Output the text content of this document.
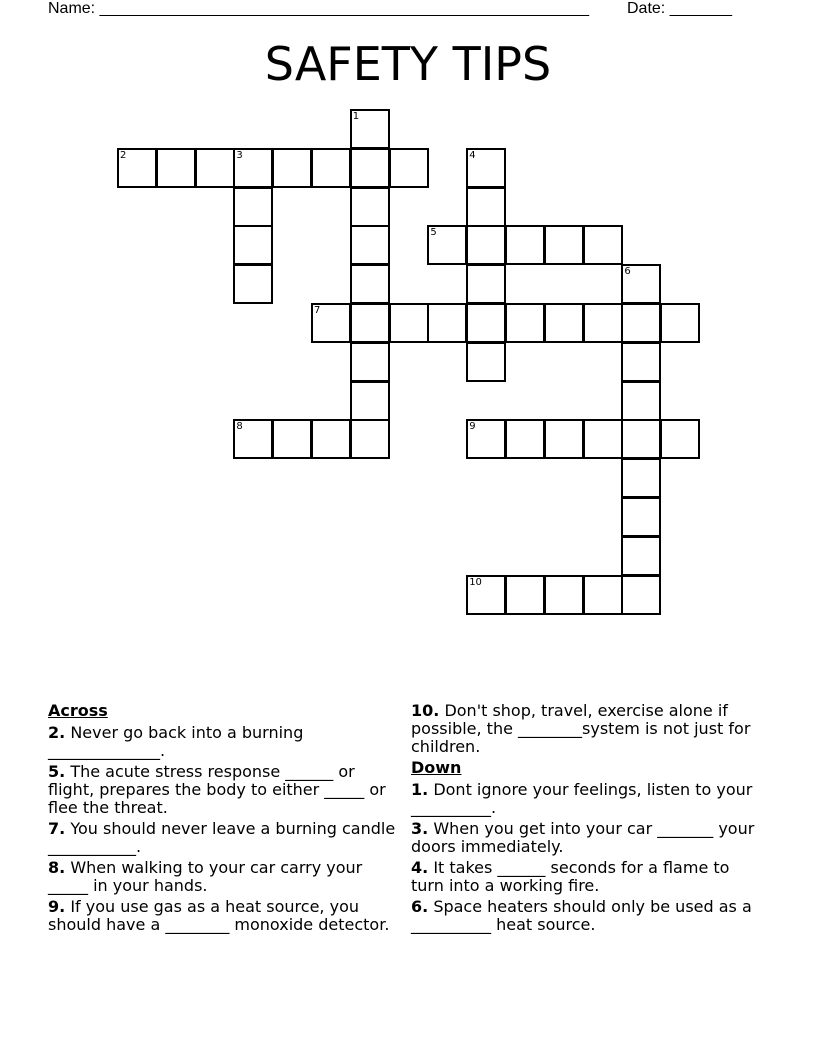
Name: _______________________________________________________ Date: _______
SAFETY TIPS
1
2	3	4
5
6
7
8	9
10
Across
2. Never go back into a burning ______________.
5. The acute stress response ______ or flight, prepares the body to either _____ or flee the threat.
7. You should never leave a burning candle ___________.
8. When walking to your car carry your _____ in your hands.
9. If you use gas as a heat source, you should have a ________ monoxide detector.
10. Don't shop, travel, exercise alone if possible, the ________system is not just for children.
Down
1. Dont ignore your feelings, listen to your __________.
3. When you get into your car _______ your doors immediately.
4. It takes ______ seconds for a flame to turn into a working fire.
6. Space heaters should only be used as a __________ heat source.
